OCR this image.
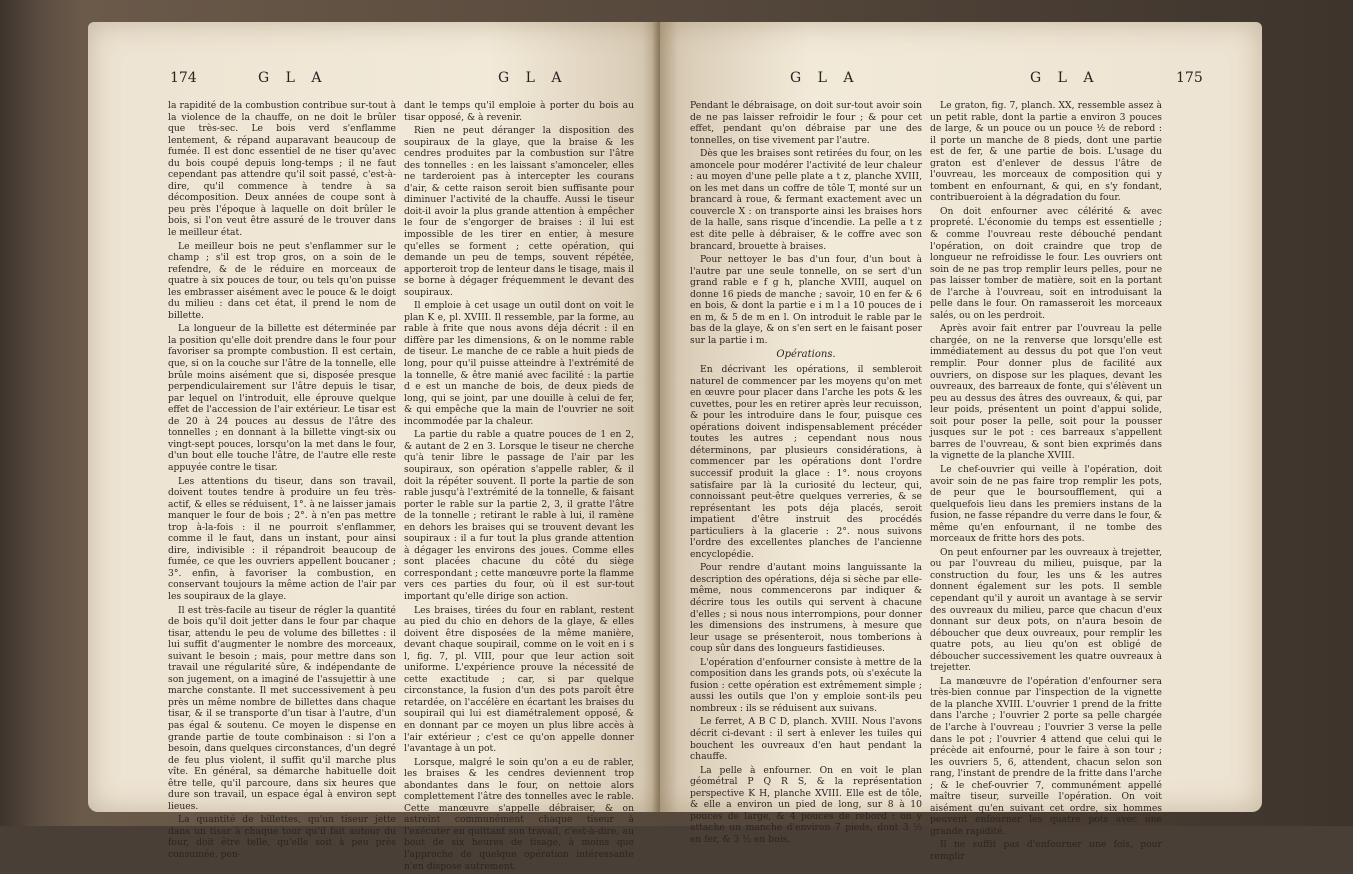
174	G L A	G L A

la rapidité de la combustion contribue sur-tout à la violence de la chauffe, on ne doit le brûler que très-sec. Le bois verd s'enflamme lentement, & répand auparavant beaucoup de fumée. Il est donc essentiel de ne tiser qu'avec du bois coupé depuis long-temps ; il ne faut cependant pas attendre qu'il soit passé, c'est-à-dire, qu'il commence à tendre à sa décomposition. Deux années de coupe sont à peu près l'époque à laquelle on doit brûler le bois, si l'on veut être assuré de le trouver dans le meilleur état.

Le meilleur bois ne peut s'enflammer sur le champ ; s'il est trop gros, on a soin de le refendre, & de le réduire en morceaux de quatre à six pouces de tour, ou tels qu'on puisse les embrasser aisément avec le pouce & le doigt du milieu : dans cet état, il prend le nom de billette.

La longueur de la billette est déterminée par la position qu'elle doit prendre dans le four pour favoriser sa prompte combustion. Il est certain, que, si on la couche sur l'âtre de la tonnelle, elle brûle moins aisément que si, disposée presque perpendiculairement sur l'âtre depuis le tisar, par lequel on l'introduit, elle éprouve quelque effet de l'accession de l'air extérieur. Le tisar est de 20 à 24 pouces au dessus de l'âtre des tonnelles ; en donnant à la billette vingt-six ou vingt-sept pouces, lorsqu'on la met dans le four, d'un bout elle touche l'âtre, de l'autre elle reste appuyée contre le tisar.

Les attentions du tiseur, dans son travail, doivent toutes tendre à produire un feu très-actif, & elles se réduisent, 1°. à ne laisser jamais manquer le four de bois ; 2°. à n'en pas mettre trop à-la-fois : il ne pourroit s'enflammer, comme il le faut, dans un instant, pour ainsi dire, indivisible : il répandroit beaucoup de fumée, ce que les ouvriers appellent boucaner ; 3°. enfin, à favoriser la combustion, en conservant toujours la même action de l'air par les soupiraux de la glaye.

Il est très-facile au tiseur de régler la quantité de bois qu'il doit jetter dans le four par chaque tisar, attendu le peu de volume des billettes : il lui suffit d'augmenter le nombre des morceaux, suivant le besoin ; mais, pour mettre dans son travail une régularité sûre, & indépendante de son jugement, on a imaginé de l'assujettir à une marche constante. Il met successivement à peu près un même nombre de billettes dans chaque tisar, & il se transporte d'un tisar à l'autre, d'un pas égal & soutenu. Ce moyen le dispense en grande partie de toute combinaison : si l'on a besoin, dans quelques circonstances, d'un degré de feu plus violent, il suffit qu'il marche plus vîte. En général, sa démarche habituelle doit être telle, qu'il parcoure, dans six heures que dure son travail, un espace égal à environ sept lieues.

La quantité de billettes, qu'un tiseur jette dans un tisar à chaque tour qu'il fait autour du four, doit être telle, qu'elle soit à peu près consumée, pen-

dant le temps qu'il emploie à porter du bois au tisar opposé, & à revenir.

Rien ne peut déranger la disposition des soupiraux de la glaye, que la braise & les cendres produites par la combustion sur l'âtre des tonnelles : en les laissant s'amonceler, elles ne tarderoient pas à intercepter les courans d'air, & cette raison seroit bien suffisante pour diminuer l'activité de la chauffe. Aussi le tiseur doit-il avoir la plus grande attention à empêcher le four de s'engorger de braises : il lui est impossible de les tirer en entier, à mesure qu'elles se forment ; cette opération, qui demande un peu de temps, souvent répétée, apporteroit trop de lenteur dans le tisage, mais il se borne à dégager fréquemment le devant des soupiraux.

Il emploie à cet usage un outil dont on voit le plan K e, pl. XVIII. Il ressemble, par la forme, au rable à frite que nous avons déja décrit : il en diffère par les dimensions, & on le nomme rable de tiseur. Le manche de ce rable a huit pieds de long, pour qu'il puisse atteindre à l'extrémité de la tonnelle, & être manié avec facilité : la partie d e est un manche de bois, de deux pieds de long, qui se joint, par une douille à celui de fer, & qui empêche que la main de l'ouvrier ne soit incommodée par la chaleur.

La partie du rable a quatre pouces de 1 en 2, & autant de 2 en 3. Lorsque le tiseur ne cherche qu'à tenir libre le passage de l'air par les soupiraux, son opération s'appelle rabler, & il doit la répéter souvent. Il porte la partie de son rable jusqu'à l'extrémité de la tonnelle, & faisant porter le rable sur la partie 2, 3, il gratte l'âtre de la tonnelle ; retirant le rable à lui, il ramène en dehors les braises qui se trouvent devant les soupiraux : il a fur tout la plus grande attention à dégager les environs des joues. Comme elles sont placées chacune du côté du siège correspondant ; cette manœuvre porte la flamme vers ces parties du four, où il est sur-tout important qu'elle dirige son action.

Les braises, tirées du four en rablant, restent au pied du chio en dehors de la glaye, & elles doivent être disposées de la même manière, devant chaque soupirail, comme on le voit en i s l, fig. 7, pl. VIII, pour que leur action soit uniforme. L'expérience prouve la nécessité de cette exactitude ; car, si par quelque circonstance, la fusion d'un des pots paroît être retardée, on l'accélère en écartant les braises du soupirail qui lui est diamétralement opposé, & en donnant par ce moyen un plus libre accès à l'air extérieur ; c'est ce qu'on appelle donner l'avantage à un pot.

Lorsque, malgré le soin qu'on a eu de rabler, les braises & les cendres deviennent trop abondantes dans le four, on nettoie alors complettement l'âtre des tonnelles avec le rable. Cette manœuvre s'appelle débraiser, & on astreint communément chaque tiseur à l'exécuter en quittant son travail, c'est-à-dire, au bout de six heures de tisage, à moins que l'approche de quelque opération intéressante n'en dispose autrement.

G L A	G L A	175

Pendant le débraisage, on doit sur-tout avoir soin de ne pas laisser refroidir le four ; & pour cet effet, pendant qu'on débraise par une des tonnelles, on tise vivement par l'autre.

Dès que les braises sont retirées du four, on les amoncele pour modérer l'activité de leur chaleur : au moyen d'une pelle plate a t z, planche XVIII, on les met dans un coffre de tôle T, monté sur un brancard à roue, & fermant exactement avec un couvercle X : on transporte ainsi les braises hors de la halle, sans risque d'incendie. La pelle a t z est dite pelle à débraiser, & le coffre avec son brancard, brouette à braises.

Pour nettoyer le bas d'un four, d'un bout à l'autre par une seule tonnelle, on se sert d'un grand rable e f g h, planche XVIII, auquel on donne 16 pieds de manche ; savoir, 10 en fer & 6 en bois, & dont la partie e i m l a 10 pouces de i en m, & 5 de m en l. On introduit le rable par le bas de la glaye, & on s'en sert en le faisant poser sur la partie i m.

Opérations.

En décrivant les opérations, il sembleroit naturel de commencer par les moyens qu'on met en œuvre pour placer dans l'arche les pots & les cuvettes, pour les en retirer après leur recuisson, & pour les introduire dans le four, puisque ces opérations doivent indispensablement précéder toutes les autres ; cependant nous nous déterminons, par plusieurs considérations, à commencer par les opérations dont l'ordre successif produit la glace : 1°. nous croyons satisfaire par là la curiosité du lecteur, qui, connoissant peut-être quelques verreries, & se représentant les pots déja placés, seroit impatient d'être instruit des procédés particuliers à la glacerie : 2°. nous suivons l'ordre des excellentes planches de l'ancienne encyclopédie.

Pour rendre d'autant moins languissante la description des opérations, déja si sèche par elle-même, nous commencerons par indiquer & décrire tous les outils qui servent à chacune d'elles ; si nous nous interrompions, pour donner les dimensions des instrumens, à mesure que leur usage se présenteroit, nous tomberions à coup sûr dans des longueurs fastidieuses.

L'opération d'enfourner consiste à mettre de la composition dans les grands pots, où s'exécute la fusion : cette opération est extrêmement simple ; aussi les outils que l'on y emploie sont-ils peu nombreux : ils se réduisent aux suivans.

Le ferret, A B C D, planch. XVIII. Nous l'avons décrit ci-devant : il sert à enlever les tuiles qui bouchent les ouvreaux d'en haut pendant la chauffe.

La pelle à enfourner. On en voit le plan géométral P Q R S, & la représentation perspective K H, planche XVIII. Elle est de tôle, & elle a environ un pied de long, sur 8 à 10 pouces de large, & 4 pouces de rebord : on y attache un manche d'environ 7 pieds, dont 3 ½ en fer, & 3 ½ en bois.

Le graton, fig. 7, planch. XX, ressemble assez à un petit rable, dont la partie a environ 3 pouces de large, & un pouce ou un pouce ½ de rebord : il porte un manche de 8 pieds, dont une partie est de fer, & une partie de bois. L'usage du graton est d'enlever de dessus l'âtre de l'ouvreau, les morceaux de composition qui y tombent en enfournant, & qui, en s'y fondant, contribueroient à la dégradation du four.

On doit enfourner avec célérité & avec propreté. L'économie du temps est essentielle ; & comme l'ouvreau reste débouché pendant l'opération, on doit craindre que trop de longueur ne refroidisse le four. Les ouvriers ont soin de ne pas trop remplir leurs pelles, pour ne pas laisser tomber de matière, soit en la portant de l'arche à l'ouvreau, soit en introduisant la pelle dans le four. On ramasseroit les morceaux salés, ou on les perdroit.

Après avoir fait entrer par l'ouvreau la pelle chargée, on ne la renverse que lorsqu'elle est immédiatement au dessus du pot que l'on veut remplir. Pour donner plus de facilité aux ouvriers, on dispose sur les plaques, devant les ouvreaux, des barreaux de fonte, qui s'élèvent un peu au dessus des âtres des ouvreaux, & qui, par leur poids, présentent un point d'appui solide, soit pour poser la pelle, soit pour la pousser jusques sur le pot : ces barreaux s'appellent barres de l'ouvreau, & sont bien exprimés dans la vignette de la planche XVIII.

Le chef-ouvrier qui veille à l'opération, doit avoir soin de ne pas faire trop remplir les pots, de peur que le boursoufflement, qui a quelquefois lieu dans les premiers instans de la fusion, ne fasse répandre du verre dans le four, & même qu'en enfournant, il ne tombe des morceaux de fritte hors des pots.

On peut enfourner par les ouvreaux à trejetter, ou par l'ouvreau du milieu, puisque, par la construction du four, les uns & les autres donnent également sur les pots. Il semble cependant qu'il y auroit un avantage à se servir des ouvreaux du milieu, parce que chacun d'eux donnant sur deux pots, on n'aura besoin de déboucher que deux ouvreaux, pour remplir les quatre pots, au lieu qu'on est obligé de déboucher successivement les quatre ouvreaux à trejetter.

La manœuvre de l'opération d'enfourner sera très-bien connue par l'inspection de la vignette de la planche XVIII. L'ouvrier 1 prend de la fritte dans l'arche ; l'ouvrier 2 porte sa pelle chargée de l'arche à l'ouvreau ; l'ouvrier 3 verse la pelle dans le pot ; l'ouvrier 4 attend que celui qui le précède ait enfourné, pour le faire à son tour ; les ouvriers 5, 6, attendent, chacun selon son rang, l'instant de prendre de la fritte dans l'arche ; & le chef-ouvrier 7, communément appellé maître tiseur, surveille l'opération. On voit aisément qu'en suivant cet ordre, six hommes peuvent enfourner les quatre pots avec une grande rapidité.

Il ne suffit pas d'enfourner une fois, pour remplir
